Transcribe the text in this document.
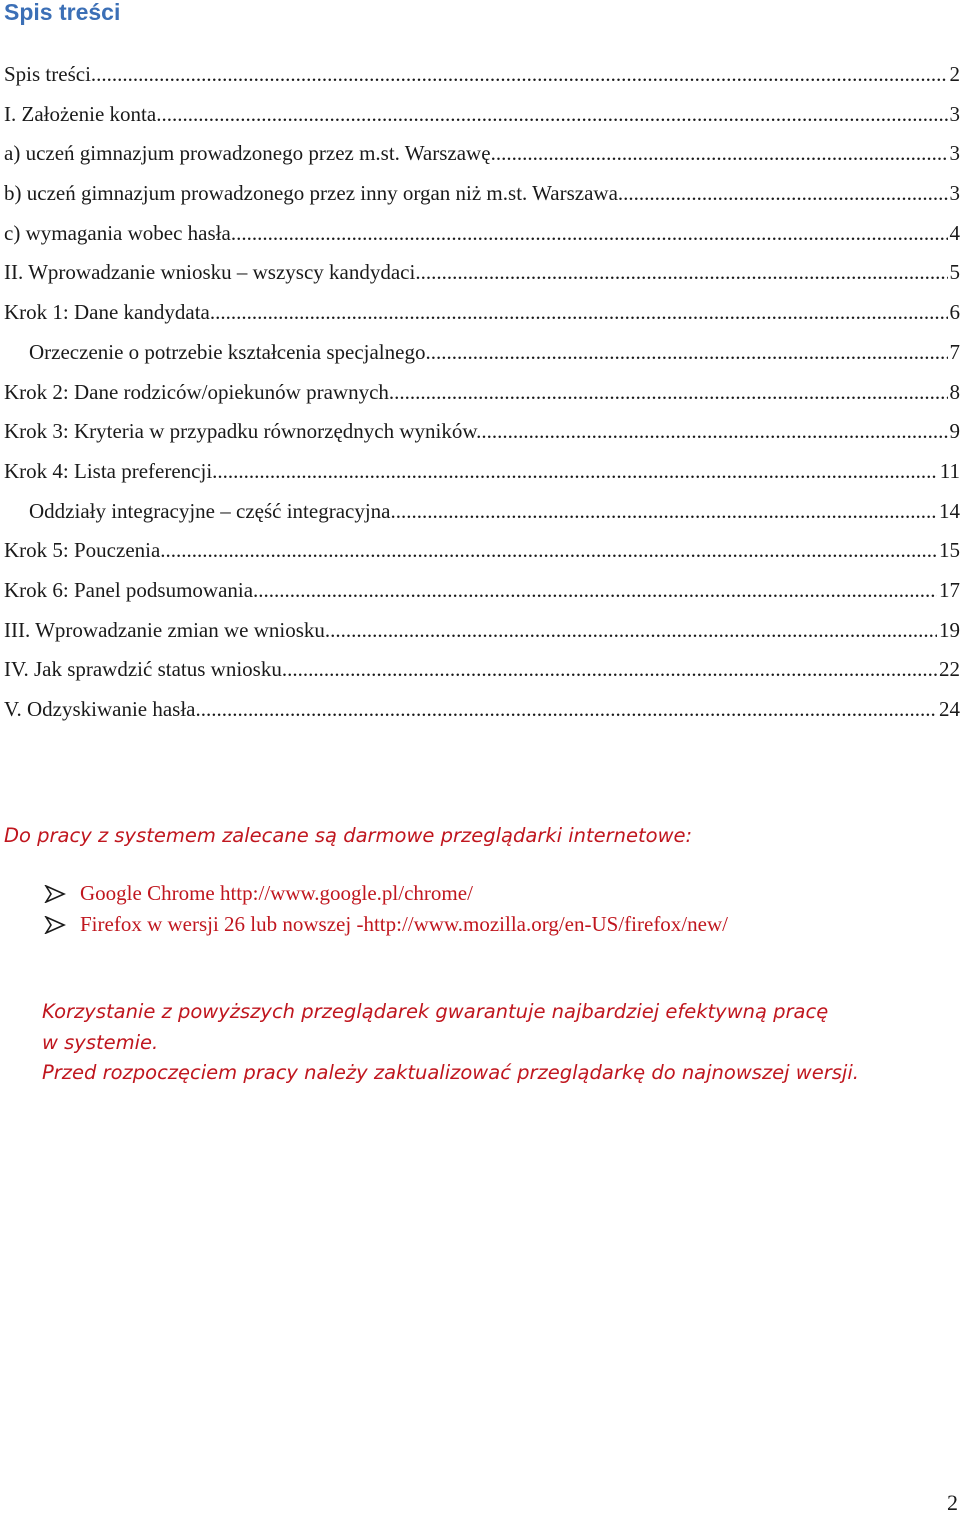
Spis treści
Spis treści .....	2
I. Założenie konta .....	3
a) uczeń gimnazjum prowadzonego przez m.st. Warszawę .....	3
b) uczeń gimnazjum prowadzonego przez inny organ niż m.st. Warszawa. .....	3
c) wymagania wobec hasła .....	4
II. Wprowadzanie wniosku – wszyscy kandydaci .....	5
Krok 1: Dane kandydata. .....	6
Orzeczenie o potrzebie kształcenia specjalnego .....	7
Krok 2: Dane rodziców/opiekunów prawnych. .....	8
Krok 3: Kryteria w przypadku równorzędnych wyników. .....	9
Krok 4: Lista preferencji. .....	11
Oddziały integracyjne – część integracyjna .....	14
Krok 5: Pouczenia. .....	15
Krok 6: Panel podsumowania. .....	17
III. Wprowadzanie zmian we wniosku .....	19
IV. Jak sprawdzić status wniosku .....	22
V. Odzyskiwanie hasła .....	24

Do pracy z systemem zalecane są darmowe przeglądarki internetowe:

Google Chrome http://www.google.pl/chrome/
Firefox w wersji 26 lub nowszej -http://www.mozilla.org/en-US/firefox/new/

Korzystanie z powyższych przeglądarek gwarantuje najbardziej efektywną pracę
w systemie.
Przed rozpoczęciem pracy należy zaktualizować przeglądarkę do najnowszej wersji.

2
